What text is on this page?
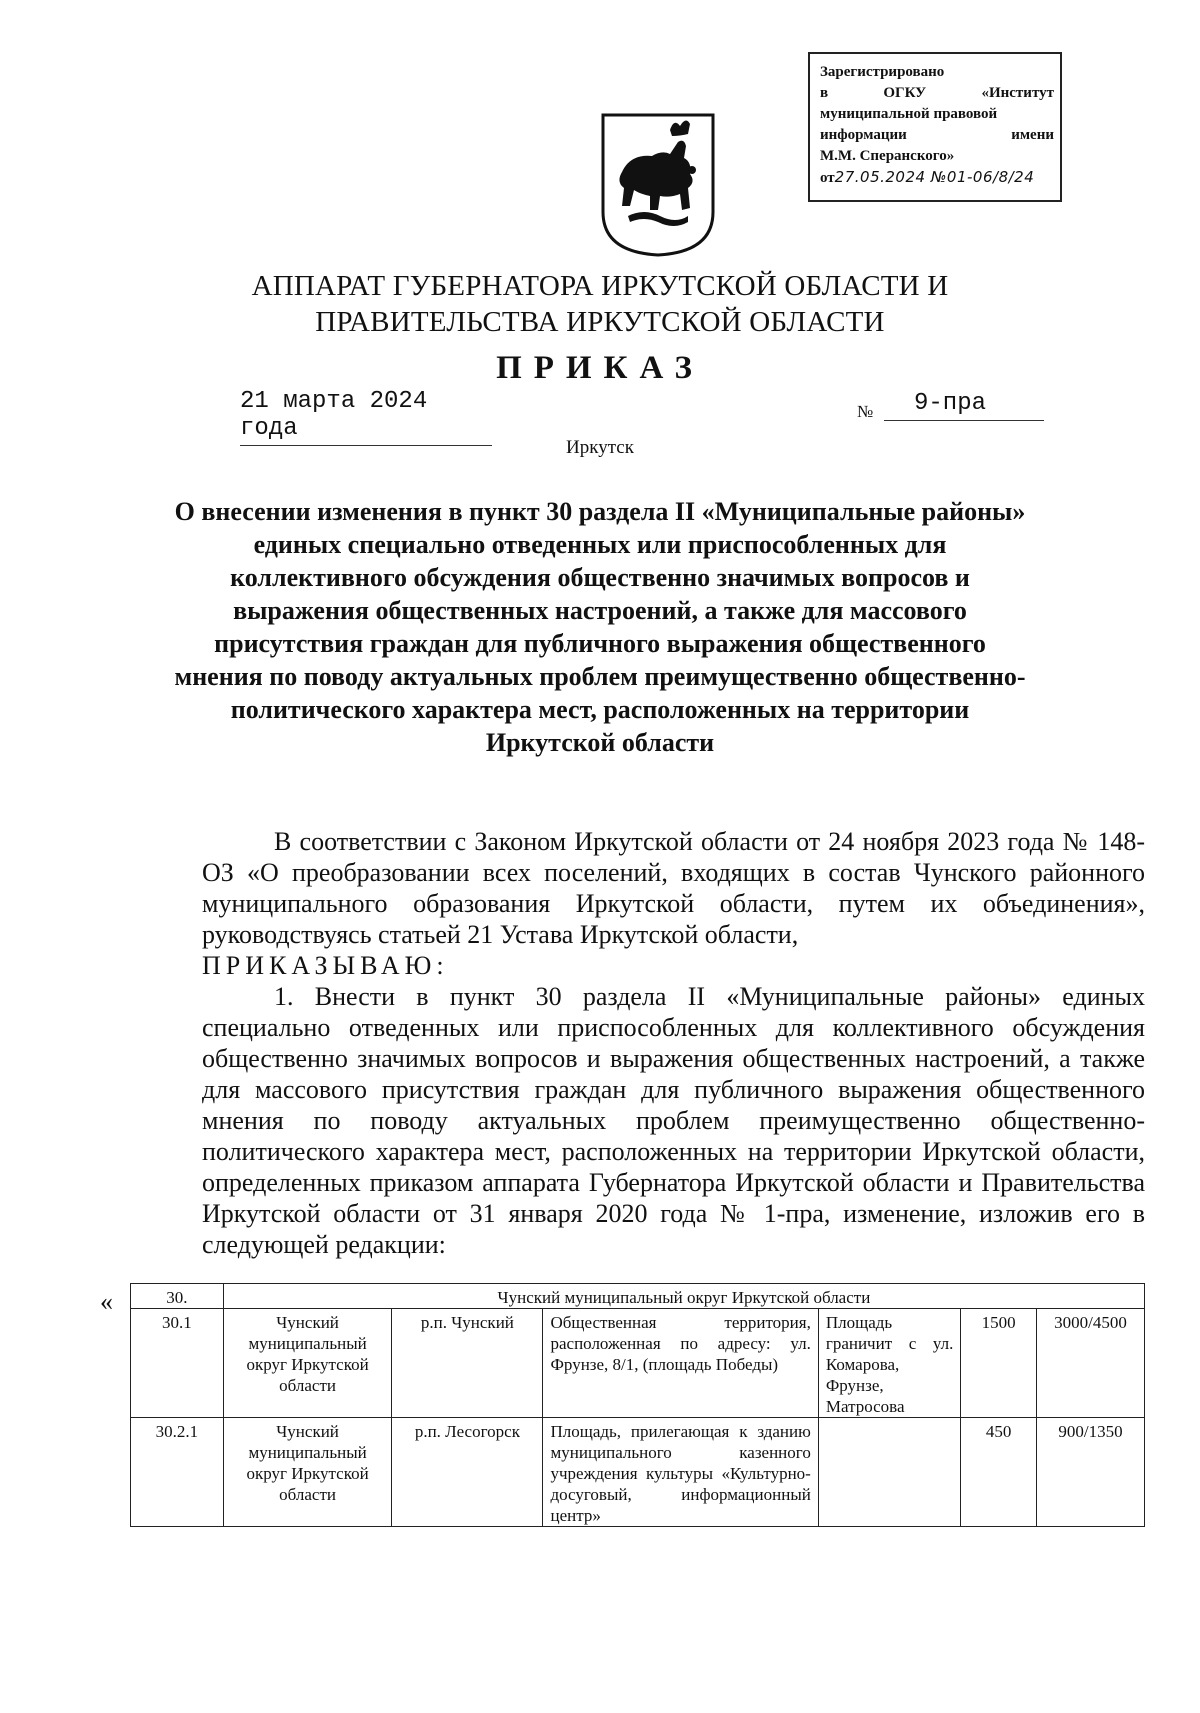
Зарегистрировано
в	ОГКУ	«Институт
муниципальной правовой
информации	имени
М.М. Сперанского»
от27.05.2024 №01-06/8/24
АППАРАТ ГУБЕРНАТОРА ИРКУТСКОЙ ОБЛАСТИ И
ПРАВИТЕЛЬСТВА ИРКУТСКОЙ ОБЛАСТИ
ПРИКАЗ
21 марта 2024 года
№	9-пра
Иркутск
О внесении изменения в пункт 30 раздела II «Муниципальные районы»
единых специально отведенных или приспособленных для
коллективного обсуждения общественно значимых вопросов и
выражения общественных настроений, а также для массового
присутствия граждан для публичного выражения общественного
мнения по поводу актуальных проблем преимущественно общественно-
политического характера мест, расположенных на территории
Иркутской области

В соответствии с Законом Иркутской области от 24 ноября 2023 года № 148-ОЗ «О преобразовании всех поселений, входящих в состав Чунского районного муниципального образования Иркутской области, путем их объединения», руководствуясь статьей 21 Устава Иркутской области,

ПРИКАЗЫВАЮ:

1. Внести в пункт 30 раздела II «Муниципальные районы» единых специально отведенных или приспособленных для коллективного обсуждения общественно значимых вопросов и выражения общественных настроений, а также для массового присутствия граждан для публичного выражения общественного мнения по поводу актуальных проблем преимущественно общественно-политического характера мест, расположенных на территории Иркутской области, определенных приказом аппарата Губернатора Иркутской области и Правительства Иркутской области от 31 января 2020 года № 1-пра, изменение, изложив его в следующей редакции:

«	30.	Чунский муниципальный округ Иркутской области					
30.1	Чунский муниципальный округ Иркутской области	р.п. Чунский	Общественная территория, расположенная по адресу: ул. Фрунзе, 8/1, (площадь Победы)	Площадь граничит с ул. Комарова, Фрунзе, Матросова	1500	3000/4500
30.2.1	Чунский муниципальный округ Иркутской области	р.п. Лесогорск	Площадь, прилегающая к зданию муниципального казенного учреждения культуры «Культурно-досуговый, информационный центр»		450	900/1350
